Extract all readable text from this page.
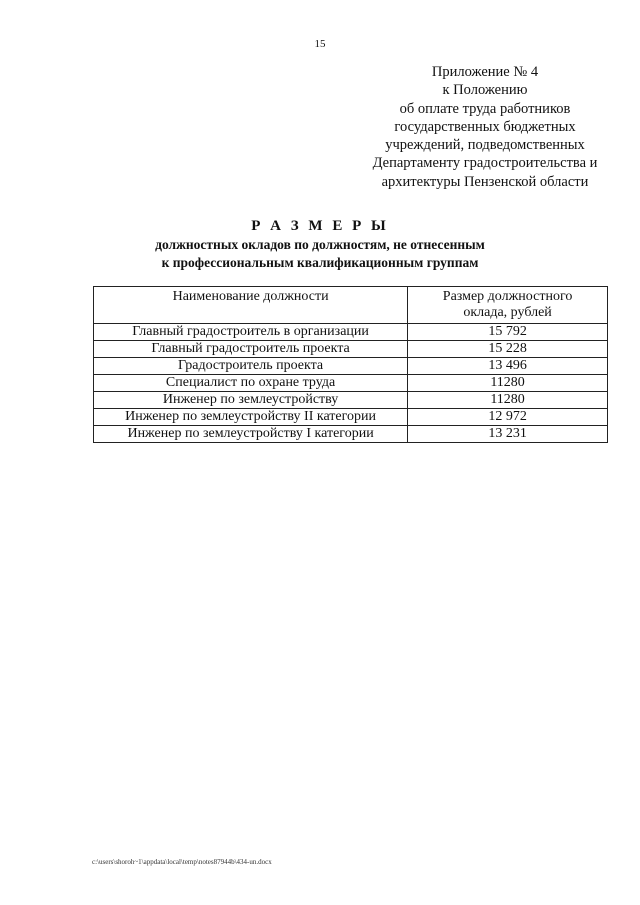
15
Приложение № 4
к Положению
об оплате труда работников
государственных бюджетных
учреждений, подведомственных
Департаменту градостроительства и
архитектуры Пензенской области
Р А З М Е Р Ы
должностных окладов по должностям, не отнесенным
к профессиональным квалификационным группам
Наименование должности	Размер должностного
оклада, рублей

Главный градостроитель в организации	15 792
Главный градостроитель проекта	15 228
Градостроитель проекта	13 496
Специалист по охране труда	11280
Инженер по землеустройству	11280
Инженер по землеустройству II категории	12 972
Инженер по землеустройству I категории	13 231
c:\users\shoroh~1\appdata\local\temp\notes87944b\434-un.docx
